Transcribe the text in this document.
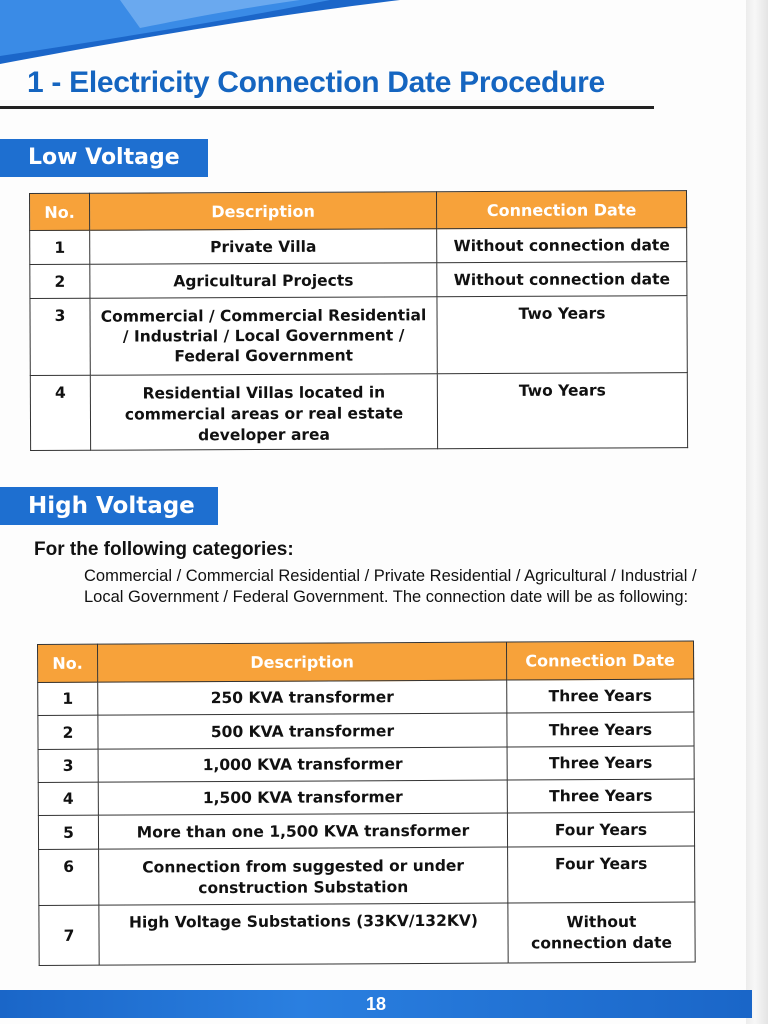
1 - Electricity Connection Date Procedure
Low Voltage
No.	Description	Connection Date
1	Private Villa	Without connection date
2	Agricultural Projects	Without connection date
3	Commercial / Commercial Residential / Industrial / Local Government / Federal Government	Two Years
4	Residential Villas located in commercial areas or real estate developer area	Two Years
High Voltage
For the following categories:
Commercial / Commercial Residential / Private Residential / Agricultural / Industrial / Local Government / Federal Government. The connection date will be as following:
No.	Description	Connection Date
1	250 KVA transformer	Three Years
2	500 KVA transformer	Three Years
3	1,000 KVA transformer	Three Years
4	1,500 KVA transformer	Three Years
5	More than one 1,500 KVA transformer	Four Years
6	Connection from suggested or under construction Substation	Four Years
7	High Voltage Substations (33KV/132KV)	Without connection date
18
